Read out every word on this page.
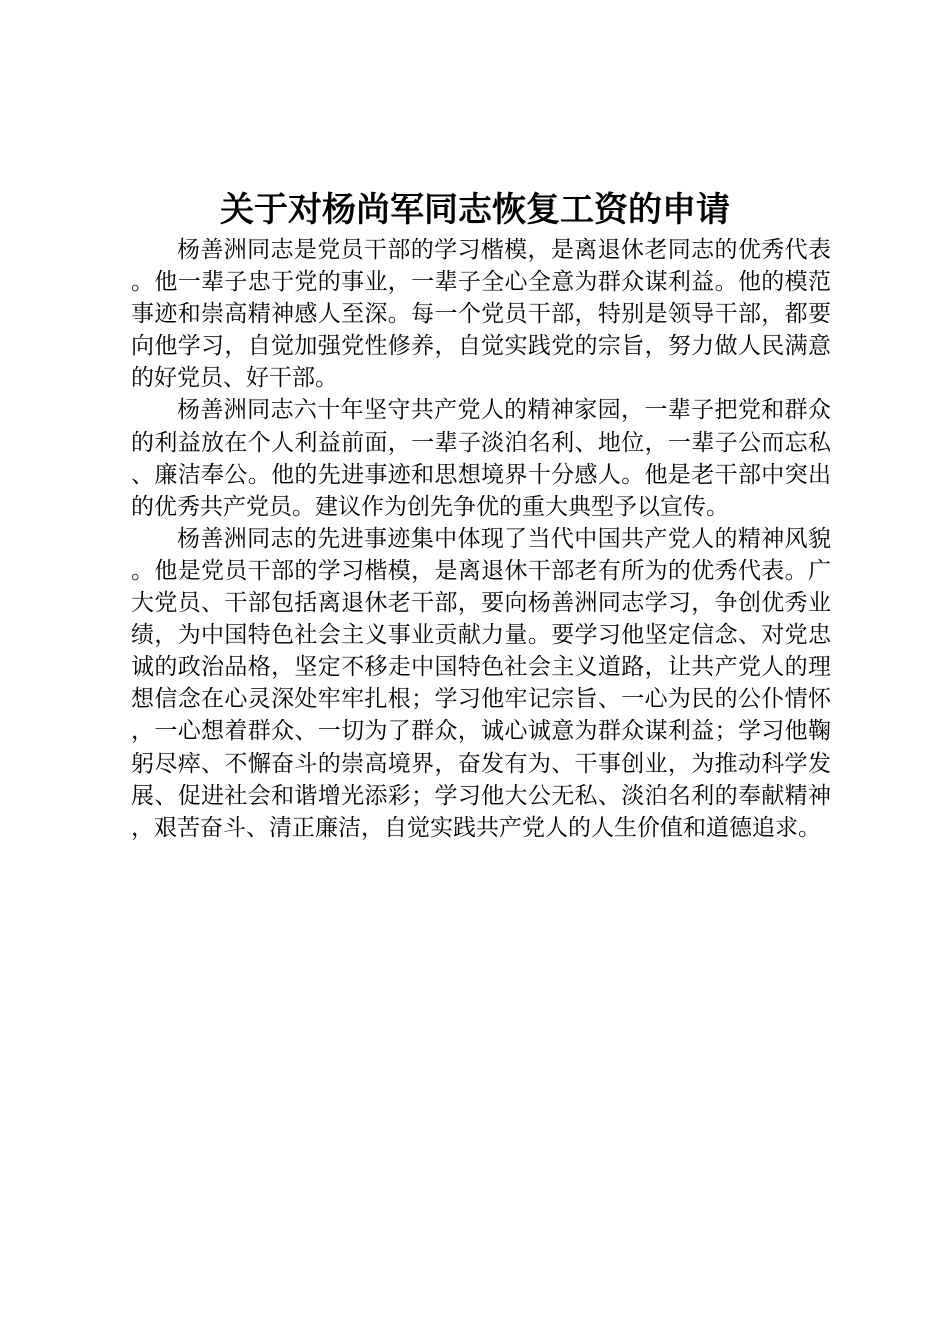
关于对杨尚军同志恢复工资的申请

杨善洲同志是党员干部的学习楷模，是离退休老同志的优秀代表。他一辈子忠于党的事业，一辈子全心全意为群众谋利益。他的模范事迹和崇高精神感人至深。每一个党员干部，特别是领导干部，都要向他学习，自觉加强党性修养，自觉实践党的宗旨，努力做人民满意的好党员、好干部。

杨善洲同志六十年坚守共产党人的精神家园，一辈子把党和群众的利益放在个人利益前面，一辈子淡泊名利、地位，一辈子公而忘私、廉洁奉公。他的先进事迹和思想境界十分感人。他是老干部中突出的优秀共产党员。建议作为创先争优的重大典型予以宣传。

杨善洲同志的先进事迹集中体现了当代中国共产党人的精神风貌。他是党员干部的学习楷模，是离退休干部老有所为的优秀代表。广大党员、干部包括离退休老干部，要向杨善洲同志学习，争创优秀业绩，为中国特色社会主义事业贡献力量。要学习他坚定信念、对党忠诚的政治品格，坚定不移走中国特色社会主义道路，让共产党人的理想信念在心灵深处牢牢扎根；学习他牢记宗旨、一心为民的公仆情怀，一心想着群众、一切为了群众，诚心诚意为群众谋利益；学习他鞠躬尽瘁、不懈奋斗的崇高境界，奋发有为、干事创业，为推动科学发展、促进社会和谐增光添彩；学习他大公无私、淡泊名利的奉献精神，艰苦奋斗、清正廉洁，自觉实践共产党人的人生价值和道德追求。
